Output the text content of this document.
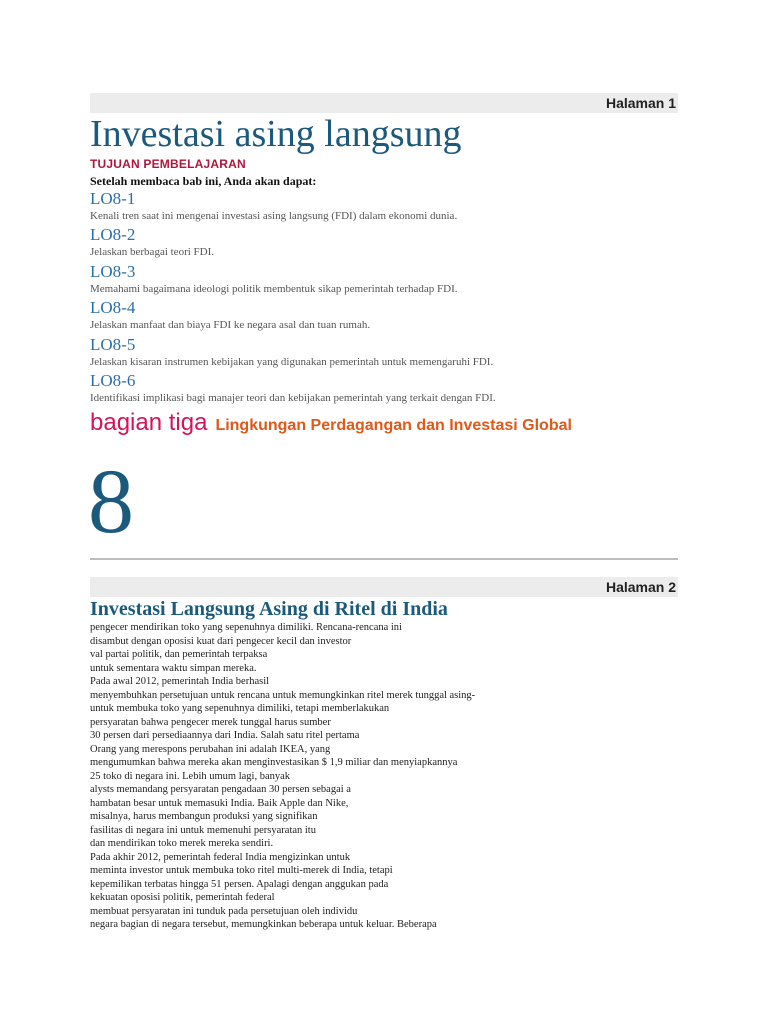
Halaman 1
Investasi asing langsung
TUJUAN PEMBELAJARAN
Setelah membaca bab ini, Anda akan dapat:
LO8-1
Kenali tren saat ini mengenai investasi asing langsung (FDI) dalam ekonomi dunia.
LO8-2
Jelaskan berbagai teori FDI.
LO8-3
Memahami bagaimana ideologi politik membentuk sikap pemerintah terhadap FDI.
LO8-4
Jelaskan manfaat dan biaya FDI ke negara asal dan tuan rumah.
LO8-5
Jelaskan kisaran instrumen kebijakan yang digunakan pemerintah untuk memengaruhi FDI.
LO8-6
Identifikasi implikasi bagi manajer teori dan kebijakan pemerintah yang terkait dengan FDI.
bagian tiga Lingkungan Perdagangan dan Investasi Global
8
Halaman 2
Investasi Langsung Asing di Ritel di India
pengecer mendirikan toko yang sepenuhnya dimiliki. Rencana-rencana ini
disambut dengan oposisi kuat dari pengecer kecil dan investor
val partai politik, dan pemerintah terpaksa
untuk sementara waktu simpan mereka.
Pada awal 2012, pemerintah India berhasil
menyembuhkan persetujuan untuk rencana untuk memungkinkan ritel merek tunggal asing-
untuk membuka toko yang sepenuhnya dimiliki, tetapi memberlakukan
persyaratan bahwa pengecer merek tunggal harus sumber
30 persen dari persediaannya dari India. Salah satu ritel pertama
Orang yang merespons perubahan ini adalah IKEA, yang
mengumumkan bahwa mereka akan menginvestasikan $ 1,9 miliar dan menyiapkannya
25 toko di negara ini. Lebih umum lagi, banyak
alysts memandang persyaratan pengadaan 30 persen sebagai a
hambatan besar untuk memasuki India. Baik Apple dan Nike,
misalnya, harus membangun produksi yang signifikan
fasilitas di negara ini untuk memenuhi persyaratan itu
dan mendirikan toko merek mereka sendiri.
Pada akhir 2012, pemerintah federal India mengizinkan untuk
meminta investor untuk membuka toko ritel multi-merek di India, tetapi
kepemilikan terbatas hingga 51 persen. Apalagi dengan anggukan pada
kekuatan oposisi politik, pemerintah federal
membuat persyaratan ini tunduk pada persetujuan oleh individu
negara bagian di negara tersebut, memungkinkan beberapa untuk keluar. Beberapa
